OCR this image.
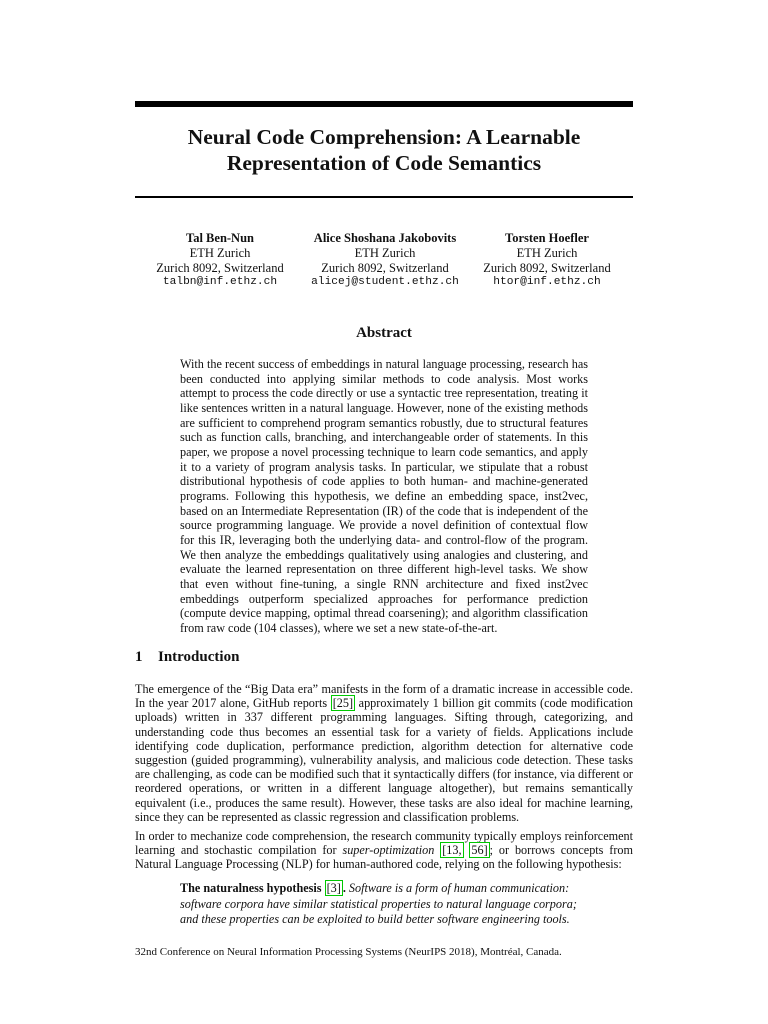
Neural Code Comprehension: A Learnable
Representation of Code Semantics
Tal Ben-Nun
ETH Zurich
Zurich 8092, Switzerland
talbn@inf.ethz.ch
Alice Shoshana Jakobovits
ETH Zurich
Zurich 8092, Switzerland
alicej@student.ethz.ch
Torsten Hoefler
ETH Zurich
Zurich 8092, Switzerland
htor@inf.ethz.ch
Abstract
With the recent success of embeddings in natural language processing, research has been conducted into applying similar methods to code analysis. Most works attempt to process the code directly or use a syntactic tree representation, treating it like sentences written in a natural language. However, none of the existing methods are sufficient to comprehend program semantics robustly, due to structural features such as function calls, branching, and interchangeable order of statements. In this paper, we propose a novel processing technique to learn code semantics, and apply it to a variety of program analysis tasks. In particular, we stipulate that a robust distributional hypothesis of code applies to both human- and machine-generated programs. Following this hypothesis, we define an embedding space, inst2vec, based on an Intermediate Representation (IR) of the code that is independent of the source programming language. We provide a novel definition of contextual flow for this IR, leveraging both the underlying data- and control-flow of the program. We then analyze the embeddings qualitatively using analogies and clustering, and evaluate the learned representation on three different high-level tasks. We show that even without fine-tuning, a single RNN architecture and fixed inst2vec embeddings outperform specialized approaches for performance prediction (compute device mapping, optimal thread coarsening); and algorithm classification from raw code (104 classes), where we set a new state-of-the-art.
1 Introduction
The emergence of the “Big Data era” manifests in the form of a dramatic increase in accessible code. In the year 2017 alone, GitHub reports [25] approximately 1 billion git commits (code modification uploads) written in 337 different programming languages. Sifting through, categorizing, and understanding code thus becomes an essential task for a variety of fields. Applications include identifying code duplication, performance prediction, algorithm detection for alternative code suggestion (guided programming), vulnerability analysis, and malicious code detection. These tasks are challenging, as code can be modified such that it syntactically differs (for instance, via different or reordered operations, or written in a different language altogether), but remains semantically equivalent (i.e., produces the same result). However, these tasks are also ideal for machine learning, since they can be represented as classic regression and classification problems.
In order to mechanize code comprehension, the research community typically employs reinforcement learning and stochastic compilation for super-optimization [13, 56] ; or borrows concepts from Natural Language Processing (NLP) for human-authored code, relying on the following hypothesis:
The naturalness hypothesis [3] . Software is a form of human communication: software corpora have similar statistical properties to natural language corpora; and these properties can be exploited to build better software engineering tools.
32nd Conference on Neural Information Processing Systems (NeurIPS 2018), Montréal, Canada.
